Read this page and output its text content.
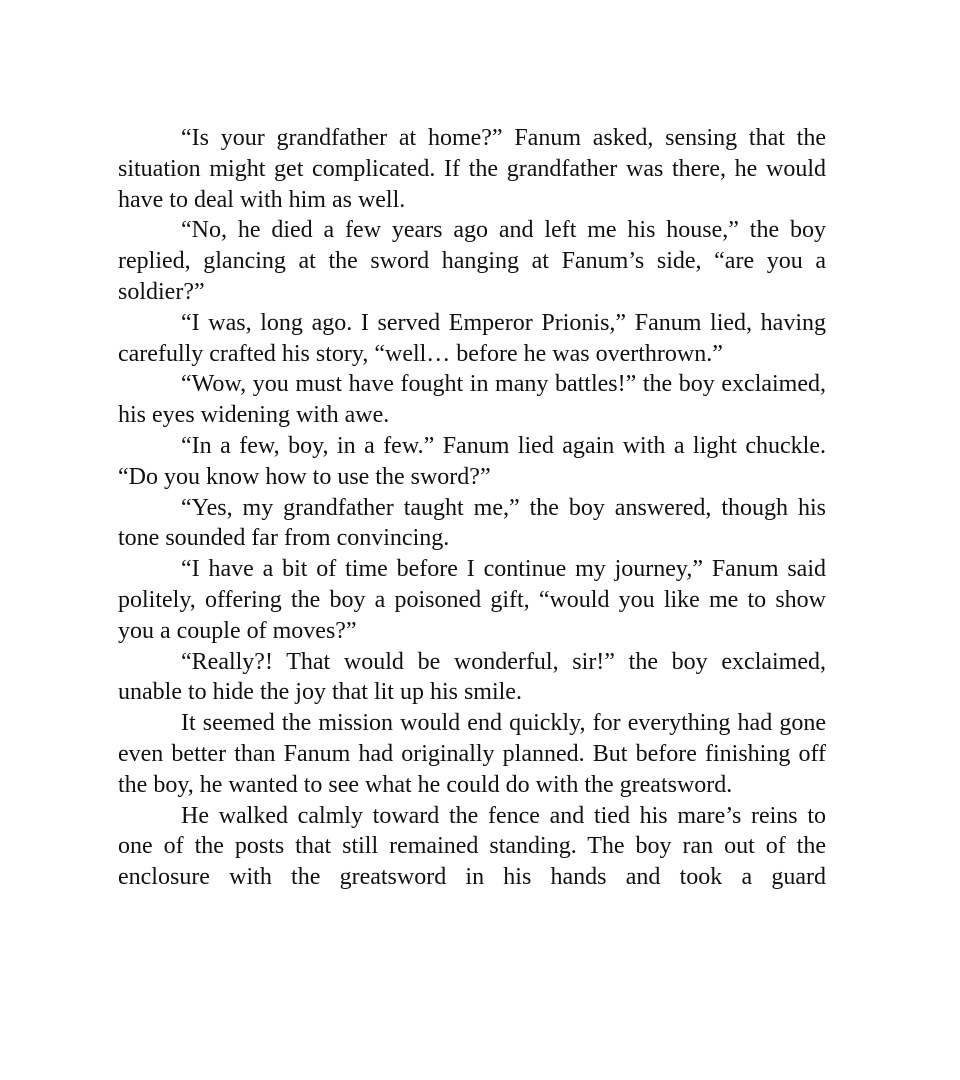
“Is your grandfather at home?” Fanum asked, sensing that the situation might get complicated. If the grandfather was there, he would have to deal with him as well.

“No, he died a few years ago and left me his house,” the boy replied, glancing at the sword hanging at Fanum’s side, “are you a soldier?”

“I was, long ago. I served Emperor Prionis,” Fanum lied, having carefully crafted his story, “well… before he was overthrown.”

“Wow, you must have fought in many battles!” the boy exclaimed, his eyes widening with awe.

“In a few, boy, in a few.” Fanum lied again with a light chuckle. “Do you know how to use the sword?”

“Yes, my grandfather taught me,” the boy answered, though his tone sounded far from convincing.

“I have a bit of time before I continue my journey,” Fanum said politely, offering the boy a poisoned gift, “would you like me to show you a couple of moves?”

“Really?! That would be wonderful, sir!” the boy exclaimed, unable to hide the joy that lit up his smile.

It seemed the mission would end quickly, for everything had gone even better than Fanum had originally planned. But before finishing off the boy, he wanted to see what he could do with the greatsword.

He walked calmly toward the fence and tied his mare’s reins to one of the posts that still remained standing. The boy ran out of the enclosure with the greatsword in his hands and took a guard
